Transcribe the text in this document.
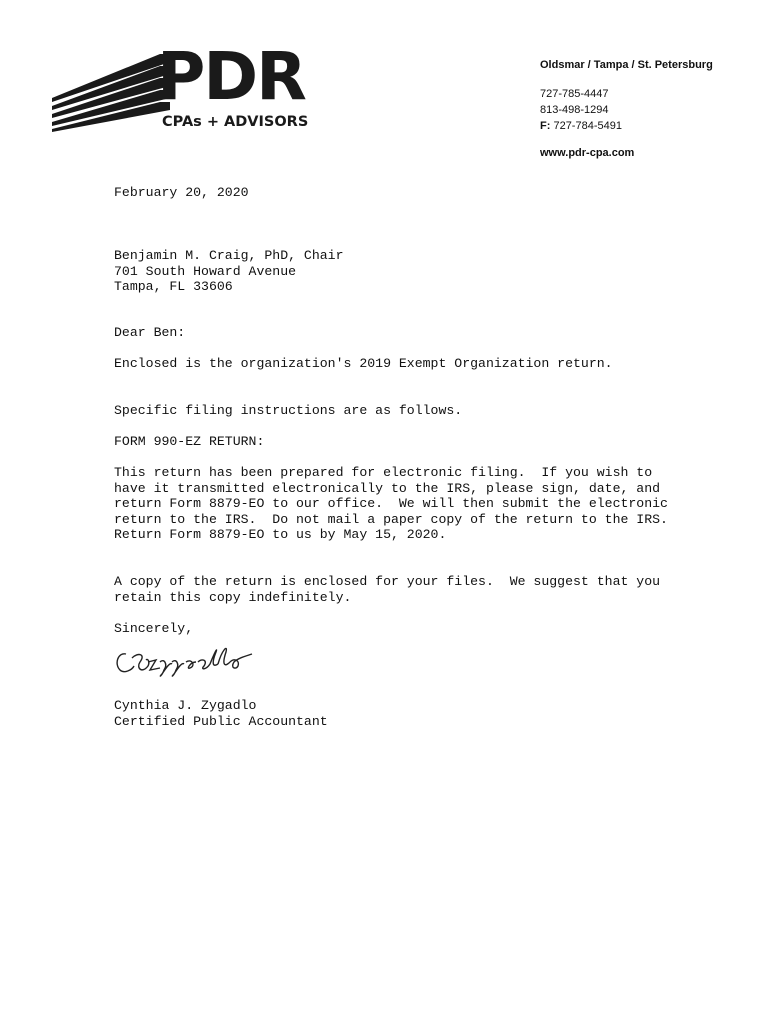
PDR
CPAs + ADVISORS
Oldsmar / Tampa / St. Petersburg
727-785-4447
813-498-1294
F: 727-784-5491
www.pdr-cpa.com

February 20, 2020

Benjamin M. Craig, PhD, Chair
701 South Howard Avenue
Tampa, FL 33606

Dear Ben:

Enclosed is the organization's 2019 Exempt Organization return.

Specific filing instructions are as follows.

FORM 990-EZ RETURN:

This return has been prepared for electronic filing.  If you wish to have it transmitted electronically to the IRS, please sign, date, and return Form 8879-EO to our office.  We will then submit the electronic return to the IRS.  Do not mail a paper copy of the return to the IRS.  Return Form 8879-EO to us by May 15, 2020.

A copy of the return is enclosed for your files.  We suggest that you retain this copy indefinitely.

Sincerely,

Cynthia J. Zygadlo
Certified Public Accountant
